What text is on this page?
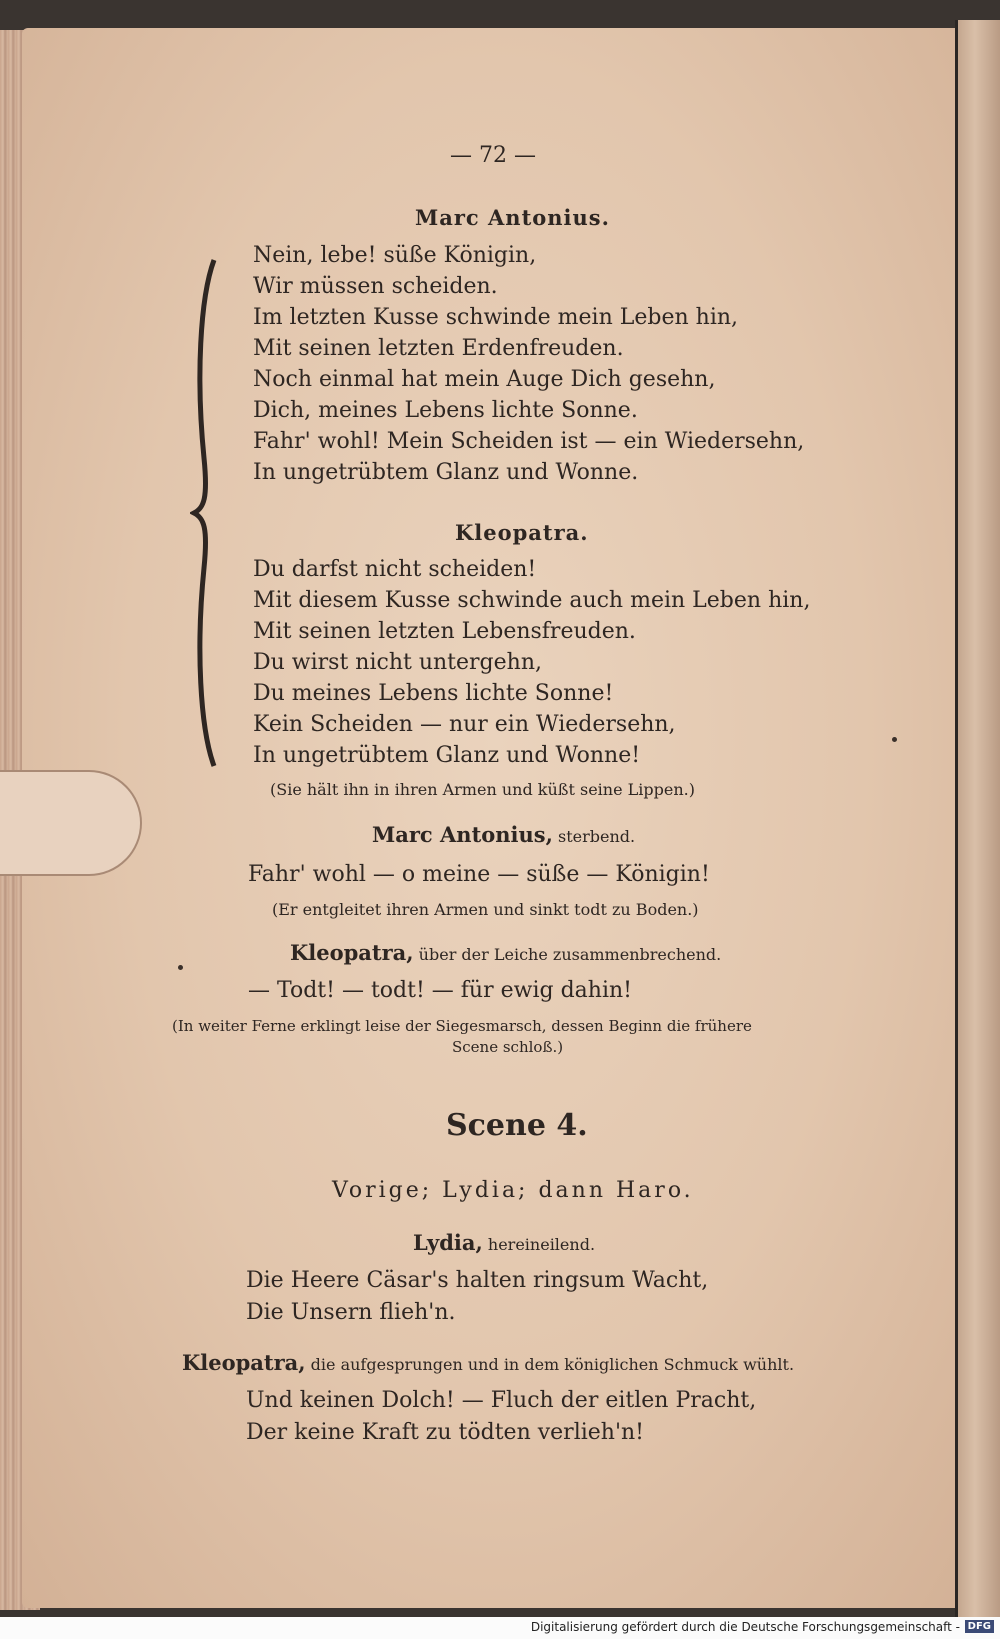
— 72 —
Marc Antonius.
Nein, lebe! süße Königin,
Wir müssen scheiden.
Im letzten Kusse schwinde mein Leben hin,
Mit seinen letzten Erdenfreuden.
Noch einmal hat mein Auge Dich gesehn,
Dich, meines Lebens lichte Sonne.
Fahr' wohl! Mein Scheiden ist — ein Wiedersehn,
In ungetrübtem Glanz und Wonne.
Kleopatra.
Du darfst nicht scheiden!
Mit diesem Kusse schwinde auch mein Leben hin,
Mit seinen letzten Lebensfreuden.
Du wirst nicht untergehn,
Du meines Lebens lichte Sonne!
Kein Scheiden — nur ein Wiedersehn,
In ungetrübtem Glanz und Wonne!
(Sie hält ihn in ihren Armen und küßt seine Lippen.)
Marc Antonius, sterbend.
Fahr' wohl — o meine — süße — Königin!
(Er entgleitet ihren Armen und sinkt todt zu Boden.)
Kleopatra, über der Leiche zusammenbrechend.
— Todt! — todt! — für ewig dahin!
(In weiter Ferne erklingt leise der Siegesmarsch, dessen Beginn die frühere
Scene schloß.)
Scene 4.
Vorige; Lydia; dann Haro.
Lydia, hereineilend.
Die Heere Cäsar's halten ringsum Wacht,
Die Unsern flieh'n.
Kleopatra, die aufgesprungen und in dem königlichen Schmuck wühlt.
Und keinen Dolch! — Fluch der eitlen Pracht,
Der keine Kraft zu tödten verlieh'n!
Digitalisierung gefördert durch die Deutsche Forschungsgemeinschaft - DFG
